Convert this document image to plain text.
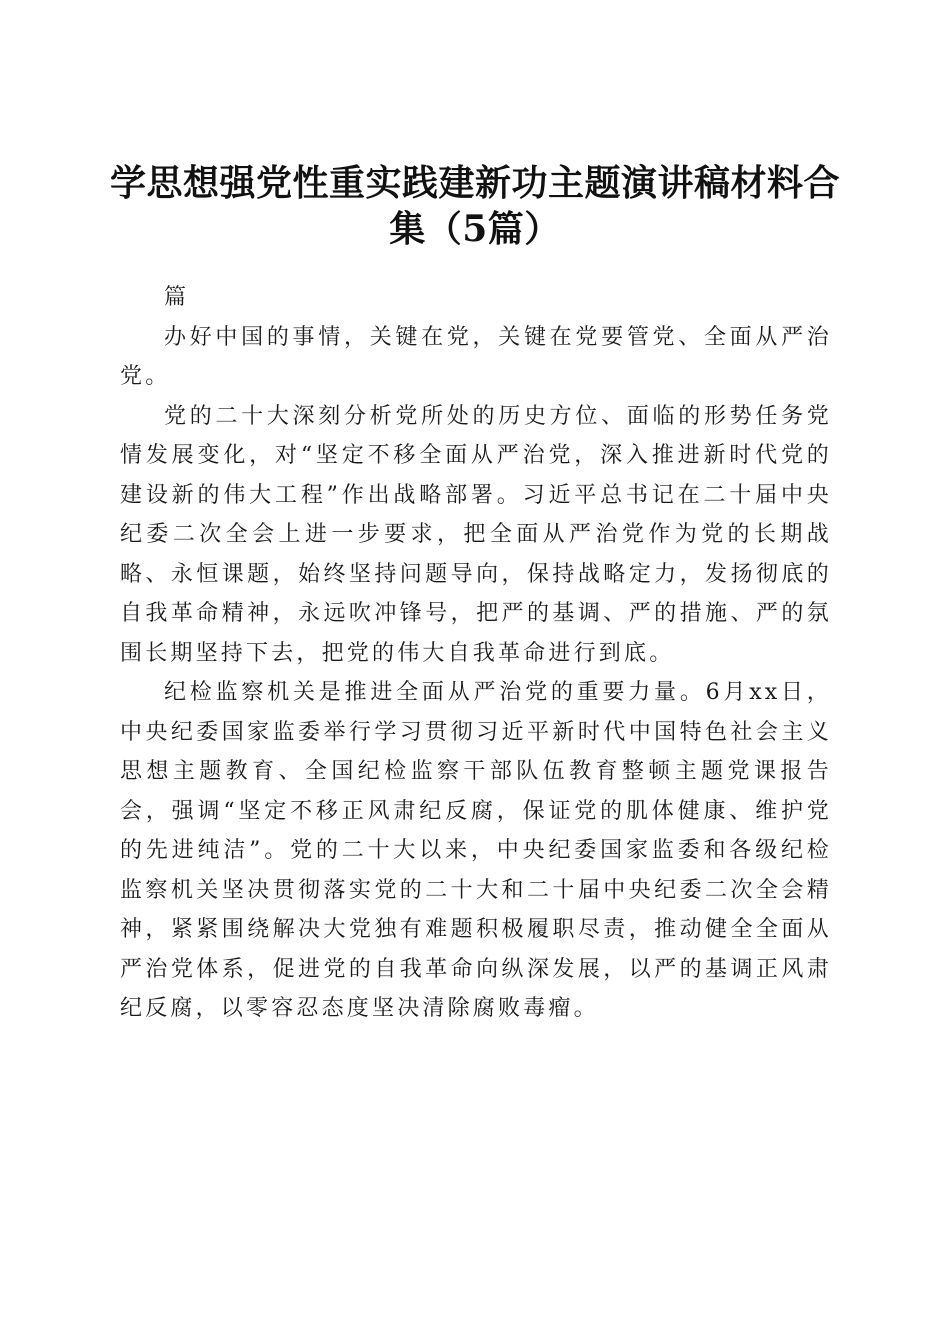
学思想强党性重实践建新功主题演讲稿材料合
集（5篇）

篇

办好中国的事情，关键在党，关键在党要管党、全面从严治党。

党的二十大深刻分析党所处的历史方位、面临的形势任务党情发展变化，对“坚定不移全面从严治党，深入推进新时代党的建设新的伟大工程”作出战略部署。习近平总书记在二十届中央纪委二次全会上进一步要求，把全面从严治党作为党的长期战略、永恒课题，始终坚持问题导向，保持战略定力，发扬彻底的自我革命精神，永远吹冲锋号，把严的基调、严的措施、严的氛围长期坚持下去，把党的伟大自我革命进行到底。

纪检监察机关是推进全面从严治党的重要力量。6月xx日，中央纪委国家监委举行学习贯彻习近平新时代中国特色社会主义思想主题教育、全国纪检监察干部队伍教育整顿主题党课报告会，强调“坚定不移正风肃纪反腐，保证党的肌体健康、维护党的先进纯洁”。党的二十大以来，中央纪委国家监委和各级纪检监察机关坚决贯彻落实党的二十大和二十届中央纪委二次全会精神，紧紧围绕解决大党独有难题积极履职尽责，推动健全全面从严治党体系，促进党的自我革命向纵深发展，以严的基调正风肃纪反腐，以零容忍态度坚决清除腐败毒瘤。
